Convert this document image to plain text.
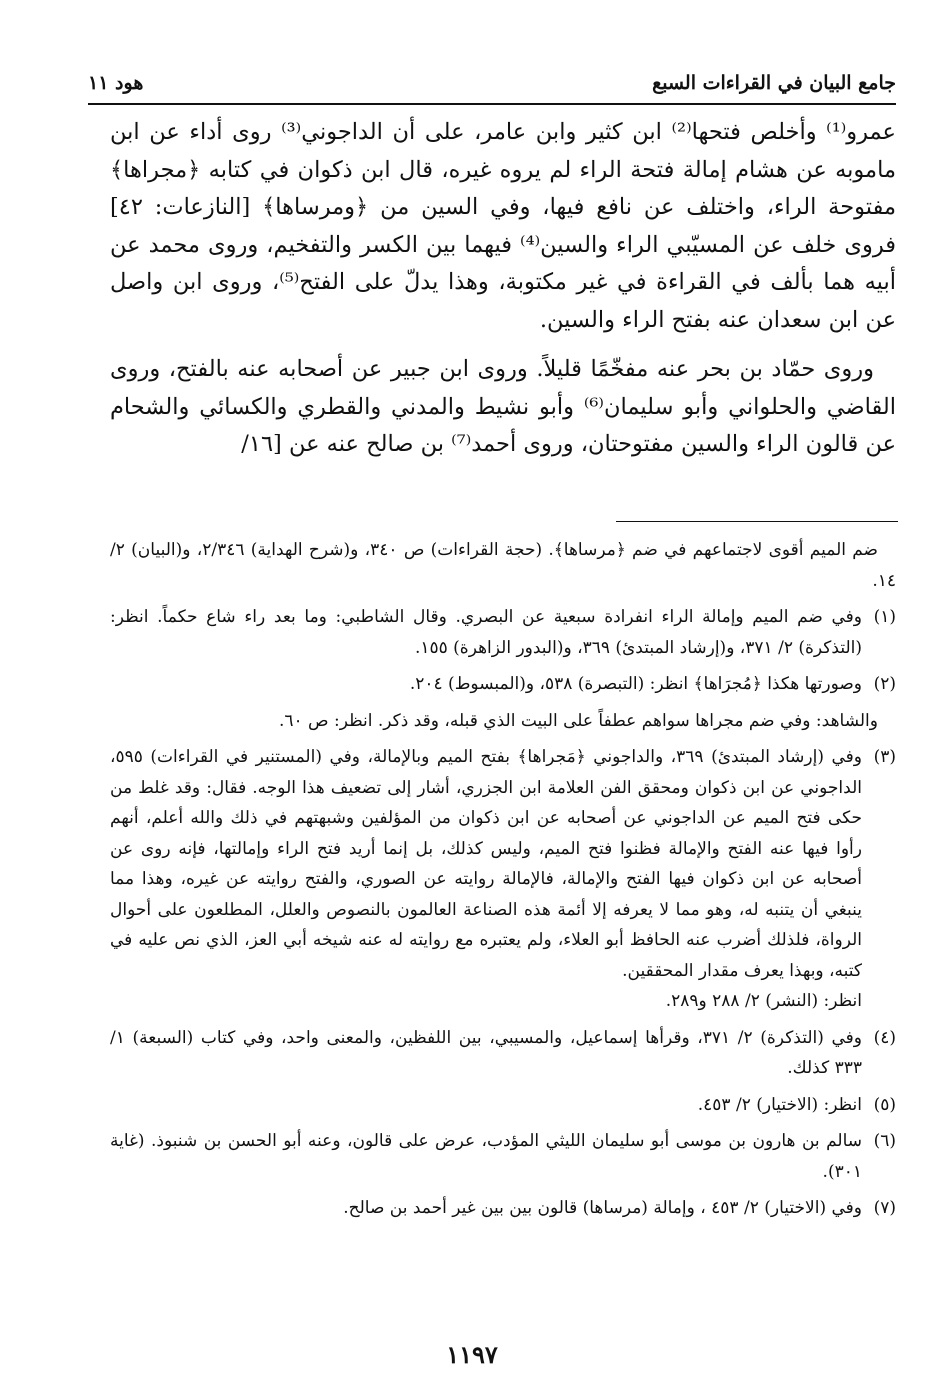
جامع البيان في القراءات السبع
هود ١١

عمرو⁽¹⁾ وأخلص فتحها⁽²⁾ ابن كثير وابن عامر، على أن الداجوني⁽³⁾ روى أداء عن ابن ماموبه عن هشام إمالة فتحة الراء لم يروه غيره، قال ابن ذكوان في كتابه ﴿مجراها﴾ مفتوحة الراء، واختلف عن نافع فيها، وفي السين من ﴿ومرساها﴾ [النازعات: ٤٢] فروى خلف عن المسيّبي الراء والسين⁽⁴⁾ فيهما بين الكسر والتفخيم، وروى محمد عن أبيه هما بألف في القراءة في غير مكتوبة، وهذا يدلّ على الفتح⁽⁵⁾، وروى ابن واصل عن ابن سعدان عنه بفتح الراء والسين.

وروى حمّاد بن بحر عنه مفخّمًا قليلاً. وروى ابن جبير عن أصحابه عنه بالفتح، وروى القاضي والحلواني وأبو سليمان⁽⁶⁾ وأبو نشيط والمدني والقطري والكسائي والشحام عن قالون الراء والسين مفتوحتان، وروى أحمد⁽⁷⁾ بن صالح عنه عن [١٦/

ضم الميم أقوى لاجتماعهم في ضم ﴿مرساها﴾. (حجة القراءات) ص ٣٤٠، و(شرح الهداية) ٢/٣٤٦، و(البيان) ٢/ ١٤.

(١)وفي ضم الميم وإمالة الراء انفرادة سبعية عن البصري. وقال الشاطبي: وما بعد راء شاع حكماً. انظر: (التذكرة) ٢/ ٣٧١، و(إرشاد المبتدئ) ٣٦٩، و(البدور الزاهرة) ١٥٥.

(٢)وصورتها هكذا ﴿مُجرَاها﴾ انظر: (التبصرة) ٥٣٨، و(المبسوط) ٢٠٤.

والشاهد: وفي ضم مجراها سواهم عطفاً على البيت الذي قبله، وقد ذكر. انظر: ص ٦٠.

(٣)وفي (إرشاد المبتدئ) ٣٦٩، والداجوني ﴿مَجراها﴾ بفتح الميم وبالإمالة، وفي (المستنير في القراءات) ٥٩٥، الداجوني عن ابن ذكوان ومحقق الفن العلامة ابن الجزري، أشار إلى تضعيف هذا الوجه. فقال: وقد غلط من حكى فتح الميم عن الداجوني عن أصحابه عن ابن ذكوان من المؤلفين وشبهتهم في ذلك والله أعلم، أنهم رأوا فيها عنه الفتح والإمالة فظنوا فتح الميم، وليس كذلك، بل إنما أريد فتح الراء وإمالتها، فإنه روى عن أصحابه عن ابن ذكوان فيها الفتح والإمالة، فالإمالة روايته عن الصوري، والفتح روايته عن غيره، وهذا مما ينبغي أن يتنبه له، وهو مما لا يعرفه إلا أئمة هذه الصناعة العالمون بالنصوص والعلل، المطلعون على أحوال الرواة، فلذلك أضرب عنه الحافظ أبو العلاء، ولم يعتبره مع روايته له عنه شيخه أبي العز، الذي نص عليه في كتبه، وبهذا يعرف مقدار المحققين.
انظر: (النشر) ٢/ ٢٨٨ و٢٨٩.

(٤)وفي (التذكرة) ٢/ ٣٧١، وقرأها إسماعيل، والمسيبي، بين اللفظين، والمعنى واحد، وفي كتاب (السبعة) ١/ ٣٣٣ كذلك.

(٥)انظر: (الاختيار) ٢/ ٤٥٣.

(٦)سالم بن هارون بن موسى أبو سليمان الليثي المؤدب، عرض على قالون، وعنه أبو الحسن بن شنبوذ. (غاية ٣٠١).

(٧)وفي (الاختيار) ٢/ ٤٥٣ ، وإمالة (مرساها) قالون بين بين غير أحمد بن صالح.

١١٩٧
